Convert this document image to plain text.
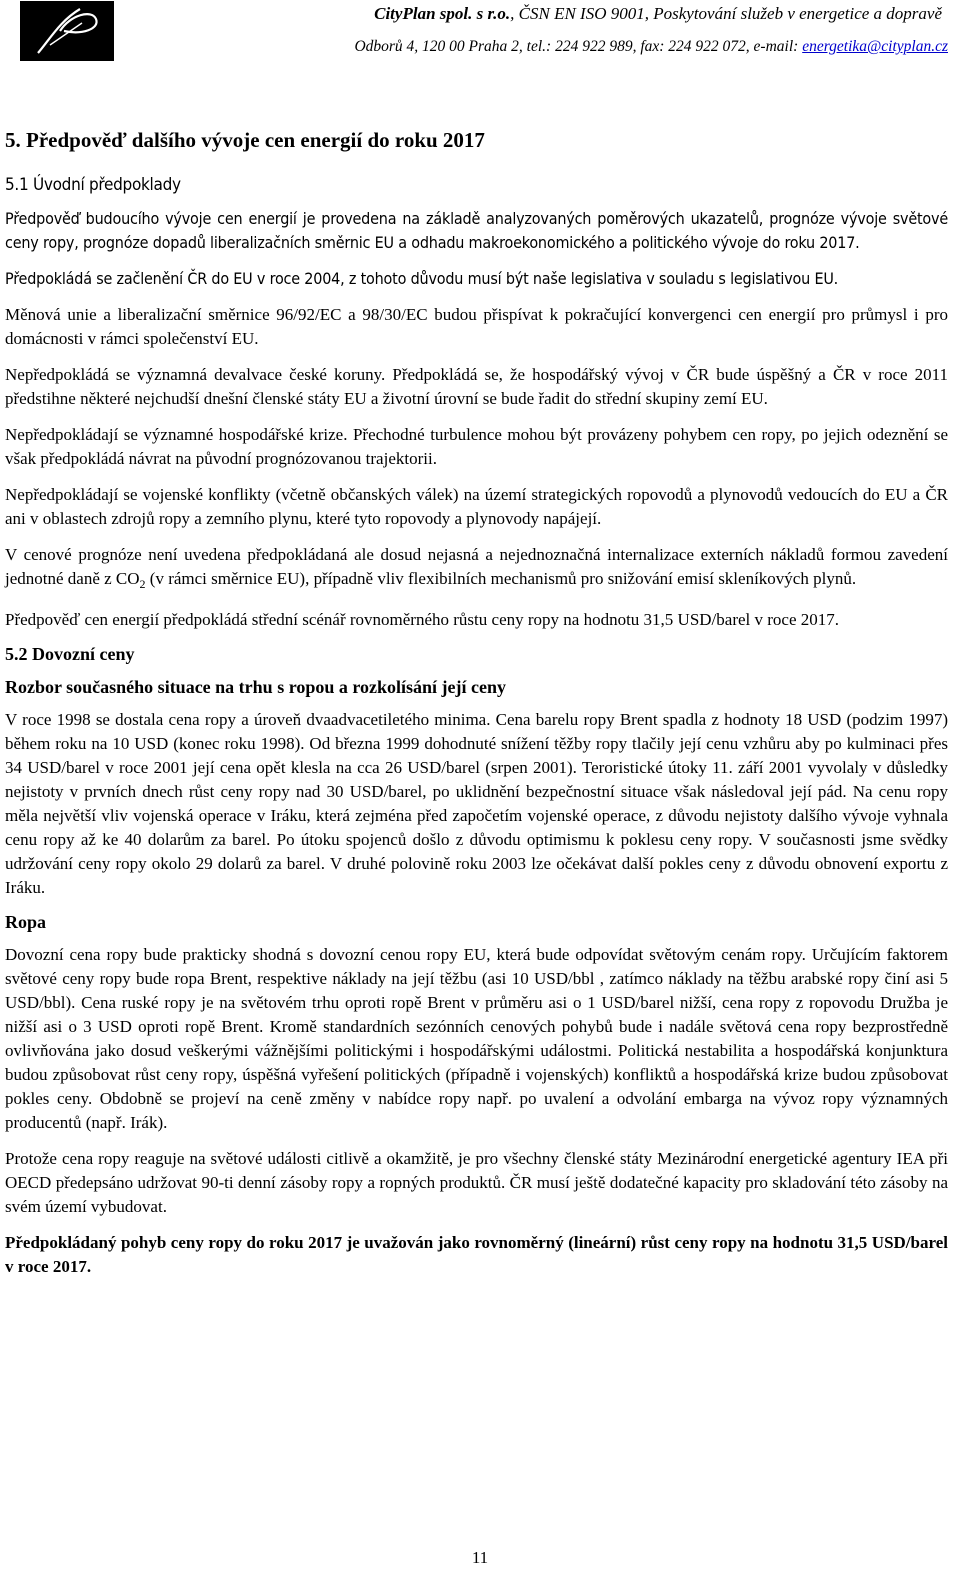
CityPlan spol. s r.o., ČSN EN ISO 9001, Poskytování služeb v energetice a dopravě
Odborů 4, 120 00 Praha 2, tel.: 224 922 989, fax: 224 922 072, e-mail: energetika@cityplan.cz
5. Předpověď dalšího vývoje cen energií do roku 2017
5.1 Úvodní předpoklady

Předpověď budoucího vývoje cen energií je provedena na základě analyzovaných poměrových ukazatelů, prognóze vývoje světové ceny ropy, prognóze dopadů liberalizačních směrnic EU a odhadu makroekonomického a politického vývoje do roku 2017.

Předpokládá se začlenění ČR do EU v roce 2004, z tohoto důvodu musí být naše legislativa v souladu s legislativou EU.

Měnová unie a liberalizační směrnice 96/92/EC a 98/30/EC budou přispívat k pokračující konvergenci cen energií pro průmysl i pro domácnosti v rámci společenství EU.

Nepředpokládá se významná devalvace české koruny. Předpokládá se, že hospodářský vývoj v ČR bude úspěšný a ČR v roce 2011 předstihne některé nejchudší dnešní členské státy EU a životní úrovní se bude řadit do střední skupiny zemí EU.

Nepředpokládají se významné hospodářské krize. Přechodné turbulence mohou být provázeny pohybem cen ropy, po jejich odeznění se však předpokládá návrat na původní prognózovanou trajektorii.

Nepředpokládají se vojenské konflikty (včetně občanských válek) na území strategických ropovodů a plynovodů vedoucích do EU a ČR ani v oblastech zdrojů ropy a zemního plynu, které tyto ropovody a plynovody napájejí.

V cenové prognóze není uvedena předpokládaná ale dosud nejasná a nejednoznačná internalizace externích nákladů formou zavedení jednotné daně z $CO_2$ (v rámci směrnice EU), případně vliv flexibilních mechanismů pro snižování emisí skleníkových plynů.

Předpověď cen energií předpokládá střední scénář rovnoměrného růstu ceny ropy na hodnotu 31,5 USD/barel v roce 2017.

5.2 Dovozní ceny
Rozbor současného situace na trhu s ropou a rozkolísání její ceny

V roce 1998 se dostala cena ropy a úroveň dvaadvacetiletého minima. Cena barelu ropy Brent spadla z hodnoty 18 USD (podzim 1997) během roku na 10 USD (konec roku 1998). Od března 1999 dohodnuté snížení těžby ropy tlačily její cenu vzhůru aby po kulminaci přes 34 USD/barel v roce 2001 její cena opět klesla na cca 26 USD/barel (srpen 2001). Teroristické útoky 11. září 2001 vyvolaly v důsledky nejistoty v prvních dnech růst ceny ropy nad 30 USD/barel, po uklidnění bezpečnostní situace však následoval její pád. Na cenu ropy měla největší vliv vojenská operace v Iráku, která zejména před započetím vojenské operace, z důvodu nejistoty dalšího vývoje vyhnala cenu ropy až ke 40 dolarům za barel. Po útoku spojenců došlo z důvodu optimismu k poklesu ceny ropy. V současnosti jsme svědky udržování ceny ropy okolo 29 dolarů za barel. V druhé polovině roku 2003 lze očekávat další pokles ceny z důvodu obnovení exportu z Iráku.

Ropa

Dovozní cena ropy bude prakticky shodná s dovozní cenou ropy EU, která bude odpovídat světovým cenám ropy. Určujícím faktorem světové ceny ropy bude ropa Brent, respektive náklady na její těžbu (asi 10 USD/bbl , zatímco náklady na těžbu arabské ropy činí asi 5 USD/bbl). Cena ruské ropy je na světovém trhu oproti ropě Brent v průměru asi o 1 USD/barel nižší, cena ropy z ropovodu Družba je nižší asi o 3 USD oproti ropě Brent. Kromě standardních sezónních cenových pohybů bude i nadále světová cena ropy bezprostředně ovlivňována jako dosud veškerými vážnějšími politickými i hospodářskými událostmi. Politická nestabilita a hospodářská konjunktura budou způsobovat růst ceny ropy, úspěšná vyřešení politických (případně i vojenských) konfliktů a hospodářská krize budou způsobovat pokles ceny. Obdobně se projeví na ceně změny v nabídce ropy např. po uvalení a odvolání embarga na vývoz ropy významných producentů (např. Irák).

Protože cena ropy reaguje na světové události citlivě a okamžitě, je pro všechny členské státy Mezinárodní energetické agentury IEA při OECD předepsáno udržovat 90-ti denní zásoby ropy a ropných produktů. ČR musí ještě dodatečné kapacity pro skladování této zásoby na svém území vybudovat.

Předpokládaný pohyb ceny ropy do roku 2017 je uvažován jako rovnoměrný (lineární) růst ceny ropy na hodnotu 31,5 USD/barel v roce 2017.

11
